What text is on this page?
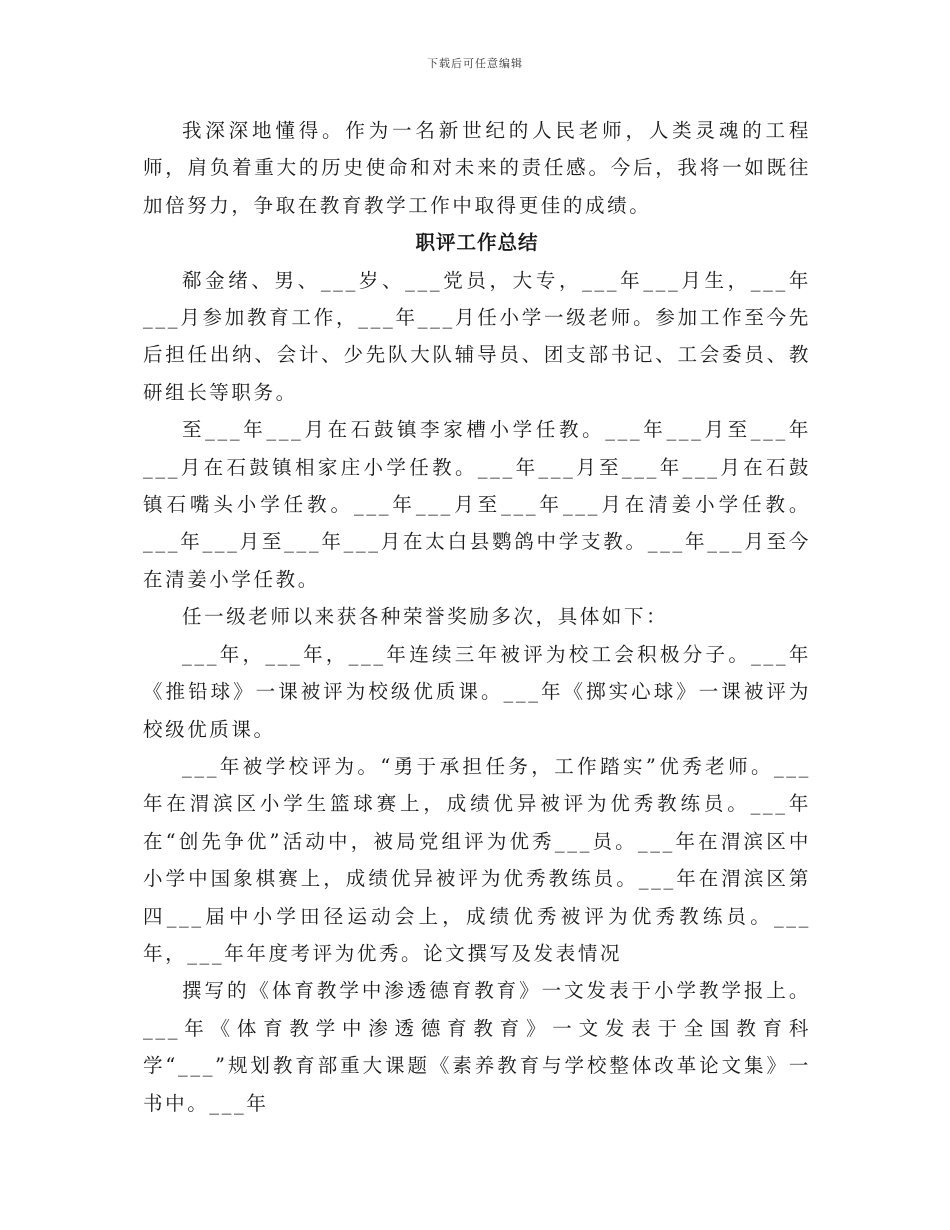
下载后可任意编辑

我深深地懂得。作为一名新世纪的人民老师，人类灵魂的工程师，肩负着重大的历史使命和对未来的责任感。今后，我将一如既往加倍努力，争取在教育教学工作中取得更佳的成绩。

职评工作总结

郗金绪、男、___岁、___党员，大专，___年___月生，___年___月参加教育工作，___年___月任小学一级老师。参加工作至今先后担任出纳、会计、少先队大队辅导员、团支部书记、工会委员、教研组长等职务。

至___年___月在石鼓镇李家槽小学任教。___年___月至___年___月在石鼓镇相家庄小学任教。___年___月至___年___月在石鼓镇石嘴头小学任教。___年___月至___年___月在清姜小学任教。___年___月至___年___月在太白县鹦鸽中学支教。___年___月至今在清姜小学任教。

任一级老师以来获各种荣誉奖励多次，具体如下：

___年，___年，___年连续三年被评为校工会积极分子。___年《推铅球》一课被评为校级优质课。___年《掷实心球》一课被评为校级优质课。

___年被学校评为。“勇于承担任务，工作踏实”优秀老师。___年在渭滨区小学生篮球赛上，成绩优异被评为优秀教练员。___年在“创先争优”活动中，被局党组评为优秀___员。___年在渭滨区中小学中国象棋赛上，成绩优异被评为优秀教练员。___年在渭滨区第四___届中小学田径运动会上，成绩优秀被评为优秀教练员。___年，___年年度考评为优秀。论文撰写及发表情况

撰写的《体育教学中渗透德育教育》一文发表于小学教学报上。___年《体育教学中渗透德育教育》一文发表于全国教育科学“___”规划教育部重大课题《素养教育与学校整体改革论文集》一书中。___年
